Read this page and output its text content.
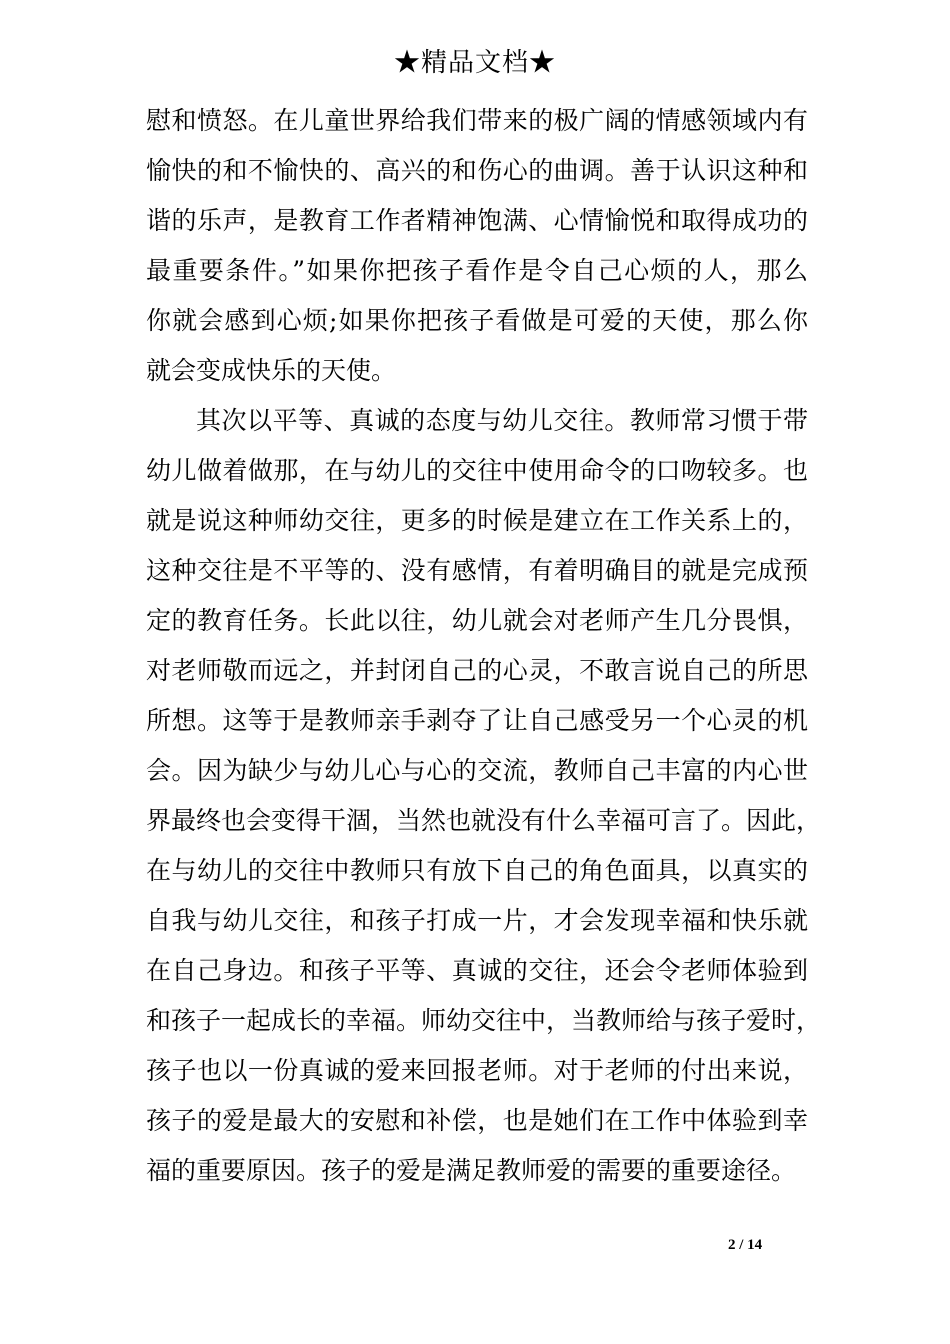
★精品文档★
慰和愤怒。在儿童世界给我们带来的极广阔的情感领域内有
愉快的和不愉快的、高兴的和伤心的曲调。善于认识这种和
谐的乐声，是教育工作者精神饱满、心情愉悦和取得成功的
最重要条件。”如果你把孩子看作是令自己心烦的人，那么
你就会感到心烦;如果你把孩子看做是可爱的天使，那么你
就会变成快乐的天使。
其次以平等、真诚的态度与幼儿交往。教师常习惯于带
幼儿做着做那，在与幼儿的交往中使用命令的口吻较多。也
就是说这种师幼交往，更多的时候是建立在工作关系上的，
这种交往是不平等的、没有感情，有着明确目的就是完成预
定的教育任务。长此以往，幼儿就会对老师产生几分畏惧，
对老师敬而远之，并封闭自己的心灵，不敢言说自己的所思
所想。这等于是教师亲手剥夺了让自己感受另一个心灵的机
会。因为缺少与幼儿心与心的交流，教师自己丰富的内心世
界最终也会变得干涸，当然也就没有什么幸福可言了。因此，
在与幼儿的交往中教师只有放下自己的角色面具，以真实的
自我与幼儿交往，和孩子打成一片，才会发现幸福和快乐就
在自己身边。和孩子平等、真诚的交往，还会令老师体验到
和孩子一起成长的幸福。师幼交往中，当教师给与孩子爱时，
孩子也以一份真诚的爱来回报老师。对于老师的付出来说，
孩子的爱是最大的安慰和补偿，也是她们在工作中体验到幸
福的重要原因。孩子的爱是满足教师爱的需要的重要途径。
2 / 14
